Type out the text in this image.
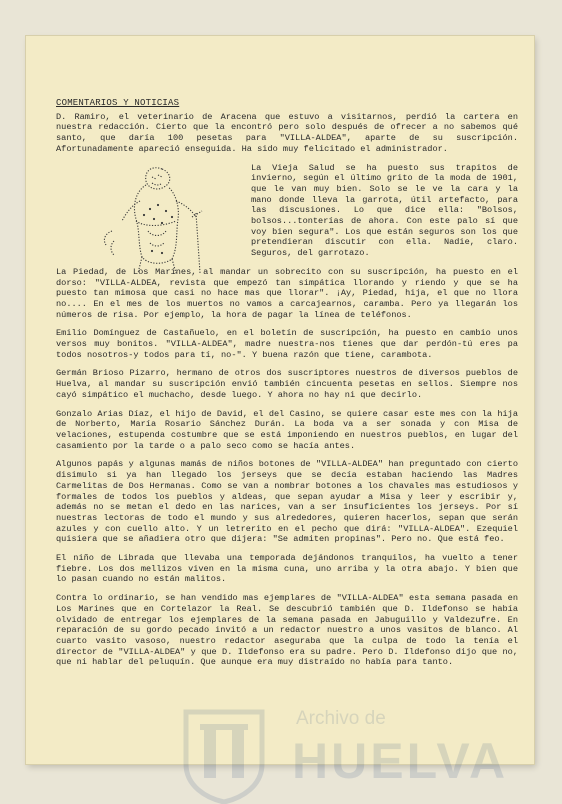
COMENTARIOS Y NOTICIAS

D. Ramiro, el veterinario de Aracena que estuvo a visitarnos, perdió la cartera en nuestra redacción. Cierto que la encontró pero solo después de ofrecer a no sabemos qué santo, que daría 100 pesetas para "VILLA-ALDEA", aparte de su suscripción. Afortunadamente apareció enseguida. Ha sido muy felicitado el administrador.

La Vieja Salud se ha puesto sus trapitos de invierno, según el último grito de la moda de 1901, que le van muy bien. Solo se le ve la cara y la mano donde lleva la garrota, útil artefacto, para las discusiones. Lo que dice ella: "Bolsos, bolsos...tonterías de ahora. Con este palo sí que voy bien segura". Los que están seguros son los que pretendieran discutir con ella. Nadie, claro. Seguros, del garrotazo.

La Piedad, de Los Marines, al mandar un sobrecito con su suscripción, ha puesto en el dorso: "VILLA-ALDEA, revista que empezó tan simpática llorando y riendo y que se ha puesto tan mimosa que casi no hace mas que llorar". ¡Ay, Piedad, hija, el que no llora no.... En el mes de los muertos no vamos a carcajearnos, caramba. Pero ya llegarán los números de risa. Por ejemplo, la hora de pagar la línea de teléfonos.

Emilio Domínguez de Castañuelo, en el boletín de suscripción, ha puesto en cambio unos versos muy bonitos. "VILLA-ALDEA", madre nuestra-nos tienes que dar perdón-tú eres pa todos nosotros-y todos para tí, no-". Y buena razón que tiene, carambota.

Germán Brioso Pizarro, hermano de otros dos suscriptores nuestros de diversos pueblos de Huelva, al mandar su suscripción envió también cincuenta pesetas en sellos. Siempre nos cayó simpático el muchacho, desde luego. Y ahora no hay ni que decirlo.

Gonzalo Arias Díaz, el hijo de David, el del Casino, se quiere casar este mes con la hija de Norberto, María Rosario Sánchez Durán. La boda va a ser sonada y con Misa de velaciones, estupenda costumbre que se está imponiendo en nuestros pueblos, en lugar del casamiento por la tarde o a palo seco como se hacía antes.

Algunos papás y algunas mamás de niños botones de "VILLA-ALDEA" han preguntado con cierto disimulo si ya han llegado los jerseys que se decía estaban haciendo las Madres Carmelitas de Dos Hermanas. Como se van a nombrar botones a los chavales mas estudiosos y formales de todos los pueblos y aldeas, que sepan ayudar a Misa y leer y escribir y, además no se metan el dedo en las narices, van a ser insuficientes los jerseys. Por sí nuestras lectoras de todo el mundo y sus alrededores, quieren hacerlos, sepan que serán azules y con cuello alto. Y un letrerito en el pecho que dirá: "VILLA-ALDEA". Ezequiel quisiera que se añadiera otro que dijera: "Se admiten propinas". Pero no. Que está feo.

El niño de Librada que llevaba una temporada dejándonos tranquilos, ha vuelto a tener fiebre. Los dos mellizos viven en la misma cuna, uno arriba y la otra abajo. Y bien que lo pasan cuando no están malitos.

Contra lo ordinario, se han vendido mas ejemplares de "VILLA-ALDEA" esta semana pasada en Los Marines que en Cortelazor la Real. Se descubrió también que D. Ildefonso se había olvidado de entregar los ejemplares de la semana pasada en Jabuguillo y Valdezufre. En reparación de su gordo pecado invitó a un redactor nuestro a unos vasitos de blanco. Al cuarto vasito vasoso, nuestro redactor aseguraba que la culpa de todo la tenía el director de "VILLA-ALDEA" y que D. Ildefonso era su padre. Pero D. Ildefonso dijo que no, que ni hablar del peluquín. Que aunque era muy distraído no había para tanto.

Archivo de
HUELVA
